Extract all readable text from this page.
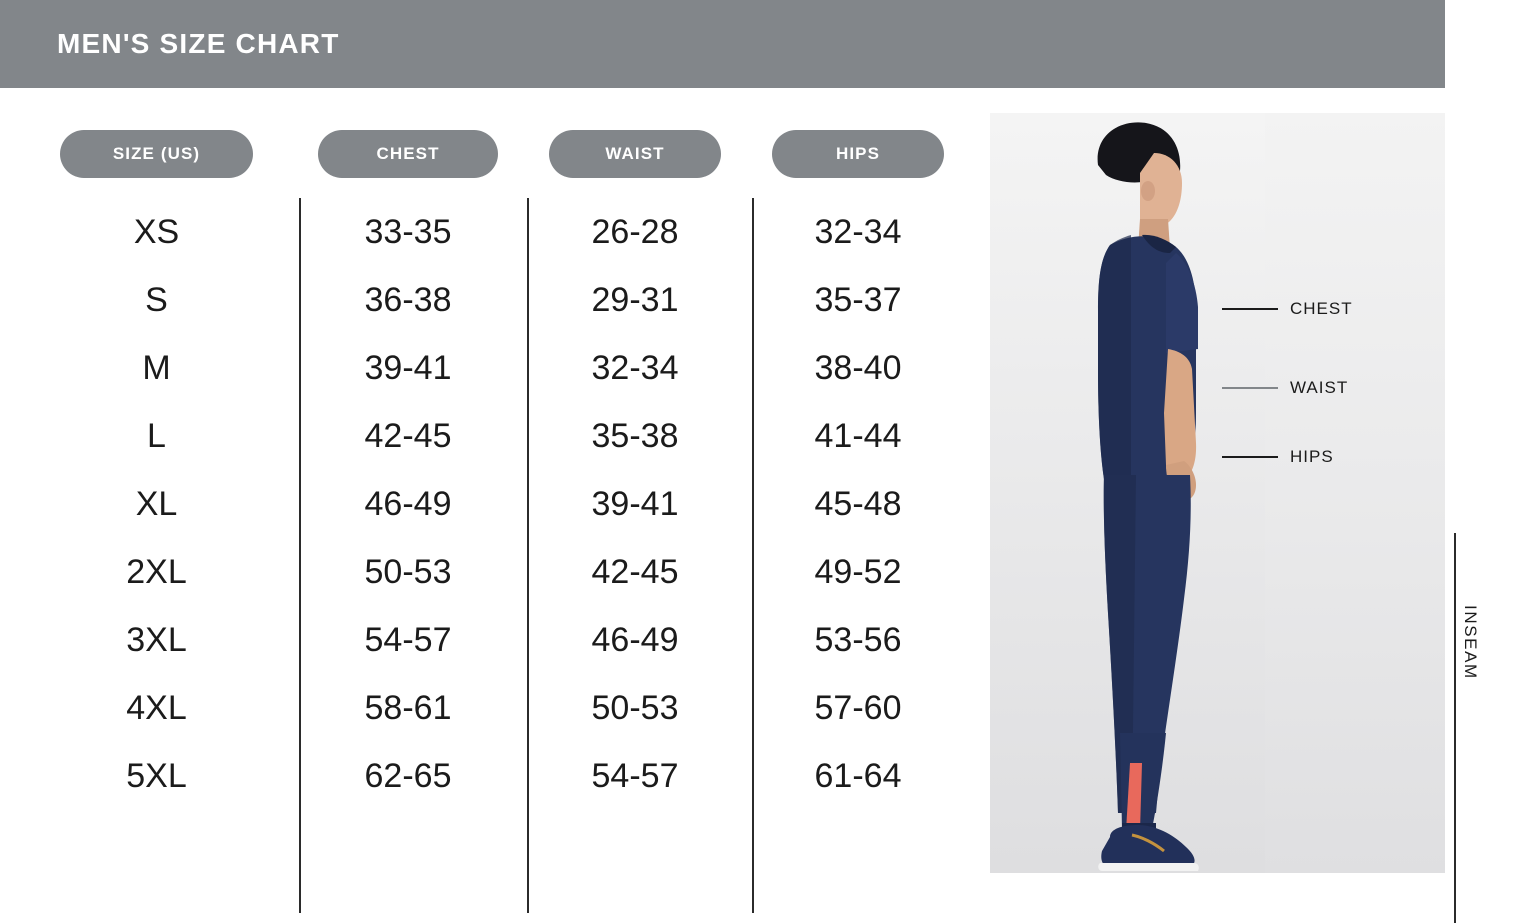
MEN'S SIZE CHART
SIZE (US)	CHEST	WAIST	HIPS
XS	33-35	26-28	32-34
S	36-38	29-31	35-37
M	39-41	32-34	38-40
L	42-45	35-38	41-44
XL	46-49	39-41	45-48
2XL	50-53	42-45	49-52
3XL	54-57	46-49	53-56
4XL	58-61	50-53	57-60
5XL	62-65	54-57	61-64
CHEST
WAIST
HIPS
INSEAM
